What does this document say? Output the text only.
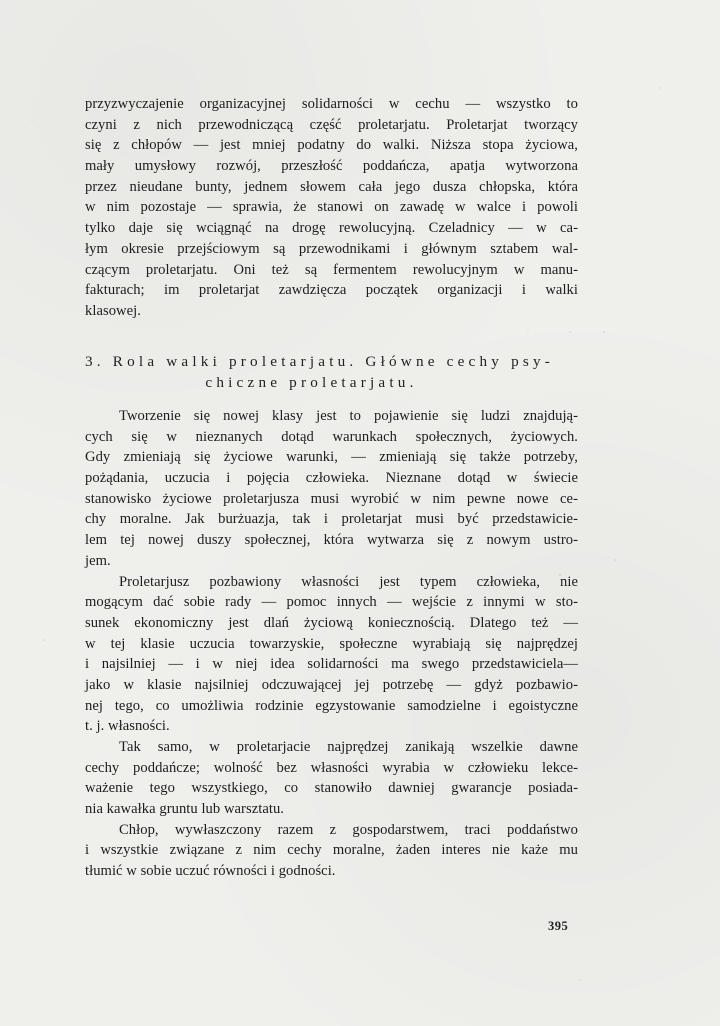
przyzwyczajenie organizacyjnej solidarności w cechu — wszystko to
czyni z nich przewodniczącą część proletarjatu. Proletarjat tworzący
się z chłopów — jest mniej podatny do walki. Niższa stopa życiowa,
mały umysłowy rozwój, przeszłość poddańcza, apatja wytworzona
przez nieudane bunty, jednem słowem cała jego dusza chłopska, która
w nim pozostaje — sprawia, że stanowi on zawadę w walce i powoli
tylko daje się wciągnąć na drogę rewolucyjną. Czeladnicy — w ca-
łym okresie przejściowym są przewodnikami i głównym sztabem wal-
czącym proletarjatu. Oni też są fermentem rewolucyjnym w manu-
fakturach; im proletarjat zawdzięcza początek organizacji i walki
klasowej.
3. Rola walki proletarjatu. Główne cechy psy-
chiczne proletarjatu.
Tworzenie się nowej klasy jest to pojawienie się ludzi znajdują-
cych się w nieznanych dotąd warunkach społecznych, życiowych.
Gdy zmieniają się życiowe warunki, — zmieniają się także potrzeby,
pożądania, uczucia i pojęcia człowieka. Nieznane dotąd w świecie
stanowisko życiowe proletarjusza musi wyrobić w nim pewne nowe ce-
chy moralne. Jak burżuazja, tak i proletarjat musi być przedstawicie-
lem tej nowej duszy społecznej, która wytwarza się z nowym ustro-
jem.
Proletarjusz pozbawiony własności jest typem człowieka, nie
mogącym dać sobie rady — pomoc innych — wejście z innymi w sto-
sunek ekonomiczny jest dlań życiową koniecznością. Dlatego też —
w tej klasie uczucia towarzyskie, społeczne wyrabiają się najprędzej
i najsilniej — i w niej idea solidarności ma swego przedstawiciela—
jako w klasie najsilniej odczuwającej jej potrzebę — gdyż pozbawio-
nej tego, co umożliwia rodzinie egzystowanie samodzielne i egoistyczne
t. j. własności.
Tak samo, w proletarjacie najprędzej zanikają wszelkie dawne
cechy poddańcze; wolność bez własności wyrabia w człowieku lekce-
ważenie tego wszystkiego, co stanowiło dawniej gwarancje posiada-
nia kawałka gruntu lub warsztatu.
Chłop, wywłaszczony razem z gospodarstwem, traci poddaństwo
i wszystkie związane z nim cechy moralne, żaden interes nie każe mu
tłumić w sobie uczuć równości i godności.
395
